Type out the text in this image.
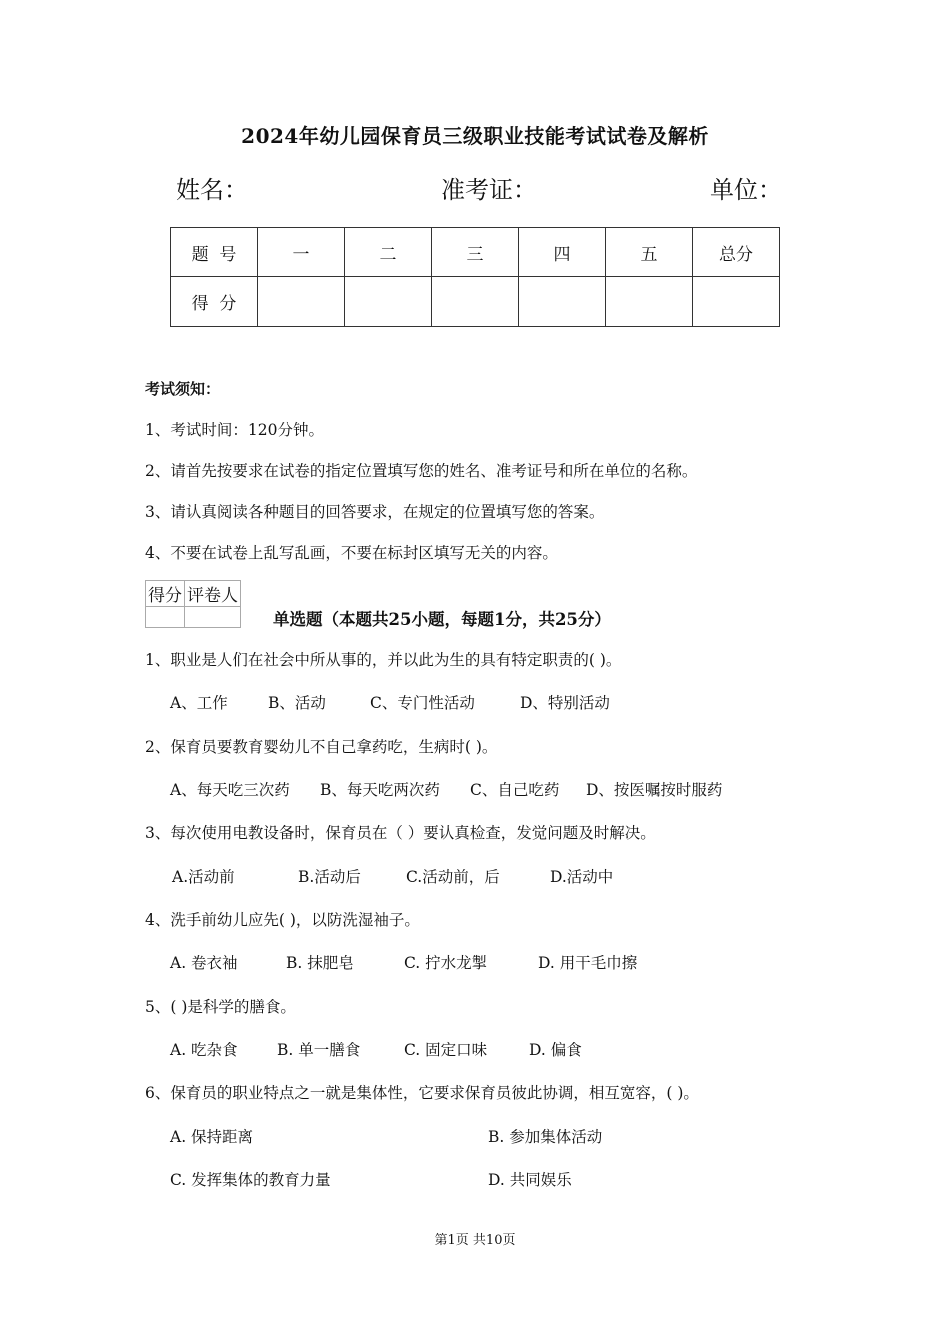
2024年幼儿园保育员三级职业技能考试试卷及解析
姓名：	准考证：	单位：
题  号	一	二	三	四	五	总分
得  分						
考试须知：
1、考试时间：120分钟。
2、请首先按要求在试卷的指定位置填写您的姓名、准考证号和所在单位的名称。
3、请认真阅读各种题目的回答要求，在规定的位置填写您的答案。
4、不要在试卷上乱写乱画，不要在标封区填写无关的内容。
得分	评卷人

单选题（本题共25小题，每题1分，共25分）
1、职业是人们在社会中所从事的，并以此为生的具有特定职责的( )。
A、工作	B、活动	C、专门性活动	D、特别活动
2、保育员要教育婴幼儿不自己拿药吃，生病时( )。
A、每天吃三次药 B、每天吃两次药 C、自己吃药 D、按医嘱按时服药
3、每次使用电教设备时，保育员在（ ）要认真检查，发觉问题及时解决。
A.活动前	B.活动后	C.活动前，后	D.活动中
4、洗手前幼儿应先( )，以防洗湿袖子。
A. 卷衣袖	B. 抹肥皂	C. 拧水龙掣	D. 用干毛巾擦
5、( )是科学的膳食。
A. 吃杂食	B. 单一膳食	C. 固定口味	D. 偏食
6、保育员的职业特点之一就是集体性，它要求保育员彼此协调，相互宽容，( )。
A. 保持距离	B. 参加集体活动
C. 发挥集体的教育力量	D. 共同娱乐
第1页 共10页
